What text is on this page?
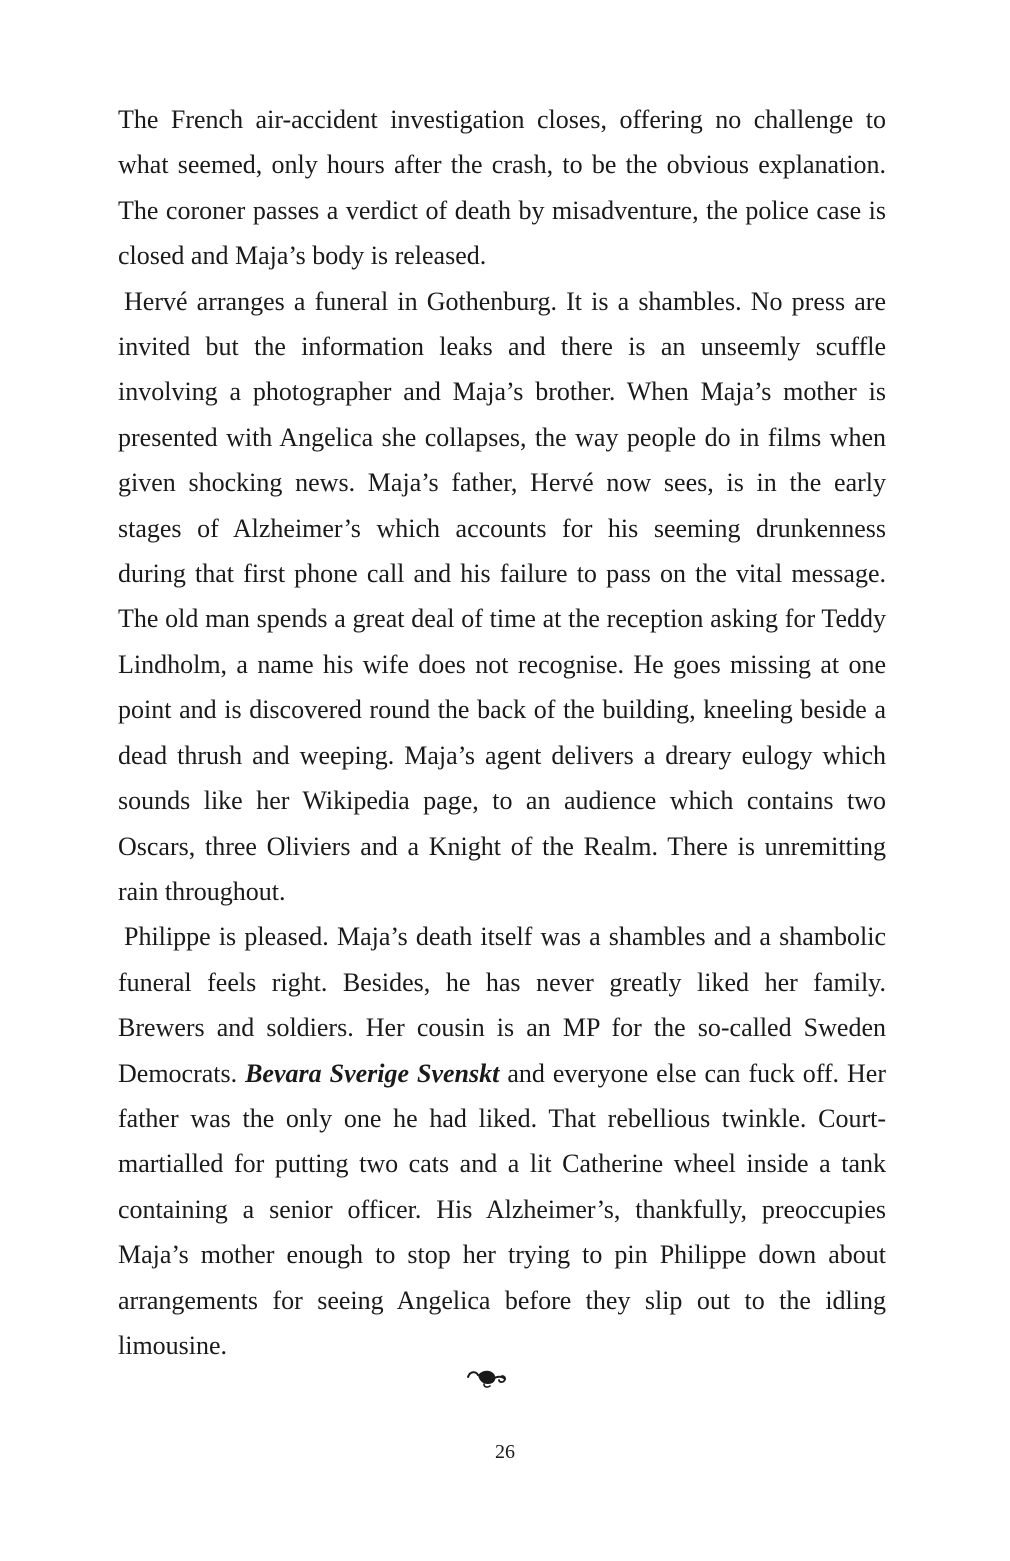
The French air-accident investigation closes, offering no challenge to what seemed, only hours after the crash, to be the obvious explanation. The coroner passes a verdict of death by misadventure, the police case is closed and Maja’s body is released.

Hervé arranges a funeral in Gothenburg. It is a shambles. No press are invited but the information leaks and there is an unseemly scuffle involving a photographer and Maja’s brother. When Maja’s mother is presented with Angelica she collapses, the way people do in films when given shocking news. Maja’s father, Hervé now sees, is in the early stages of Alzheimer’s which accounts for his seeming drunkenness during that first phone call and his failure to pass on the vital message. The old man spends a great deal of time at the reception asking for Teddy Lindholm, a name his wife does not recognise. He goes missing at one point and is discovered round the back of the building, kneeling beside a dead thrush and weeping. Maja’s agent delivers a dreary eulogy which sounds like her Wikipedia page, to an audience which contains two Oscars, three Oliviers and a Knight of the Realm. There is unremitting rain throughout.

Philippe is pleased. Maja’s death itself was a shambles and a shambolic funeral feels right. Besides, he has never greatly liked her family. Brewers and soldiers. Her cousin is an MP for the so-called Sweden Democrats. Bevara Sverige Svenskt and everyone else can fuck off. Her father was the only one he had liked. That rebellious twinkle. Court-martialled for putting two cats and a lit Catherine wheel inside a tank containing a senior officer. His Alzheimer’s, thankfully, preoccupies Maja’s mother enough to stop her trying to pin Philippe down about arrangements for seeing Angelica before they slip out to the idling limousine.

26
